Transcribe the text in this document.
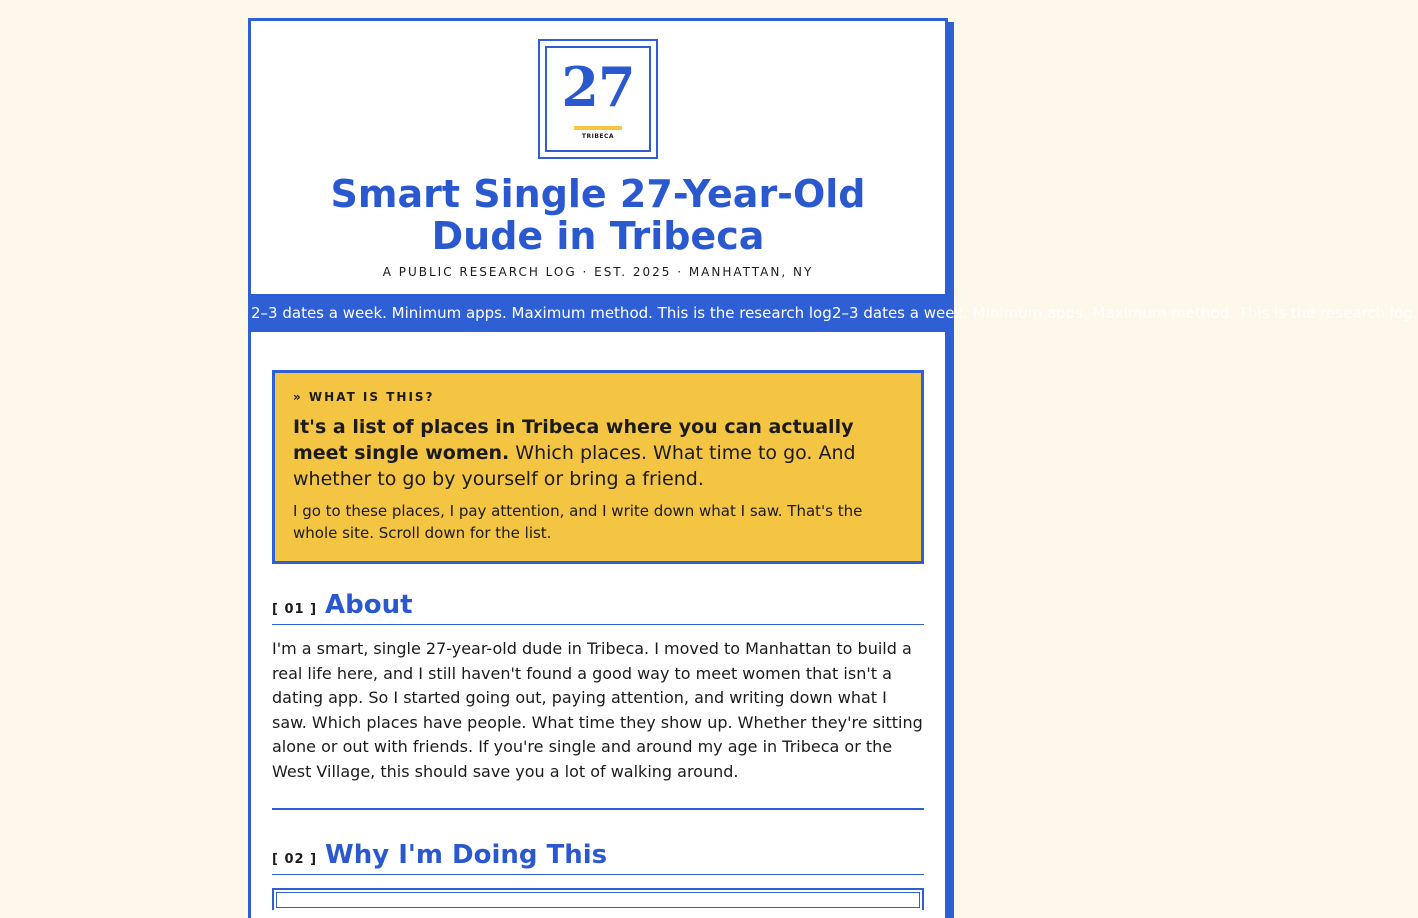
27
TRIBECA
Smart Single 27-Year-Old Dude in Tribeca
A PUBLIC RESEARCH LOG · EST. 2025 · MANHATTAN, NY
2–3 dates a week. Minimum apps. Maximum method. This is the research log.
2–3 dates a week. Minimum apps. Maximum method. This is the research log.
» WHAT IS THIS?
It's a list of places in Tribeca where you can actually meet single women. Which places. What time to go. And whether to go by yourself or bring a friend.
I go to these places, I pay attention, and I write down what I saw. That's the whole site. Scroll down for the list.
[ 01 ] About

I'm a smart, single 27-year-old dude in Tribeca. I moved to Manhattan to build a real life here, and I still haven't found a good way to meet women that isn't a dating app. So I started going out, paying attention, and writing down what I saw. Which places have people. What time they show up. Whether they're sitting alone or out with friends. If you're single and around my age in Tribeca or the West Village, this should save you a lot of walking around.

[ 02 ] Why I'm Doing This
